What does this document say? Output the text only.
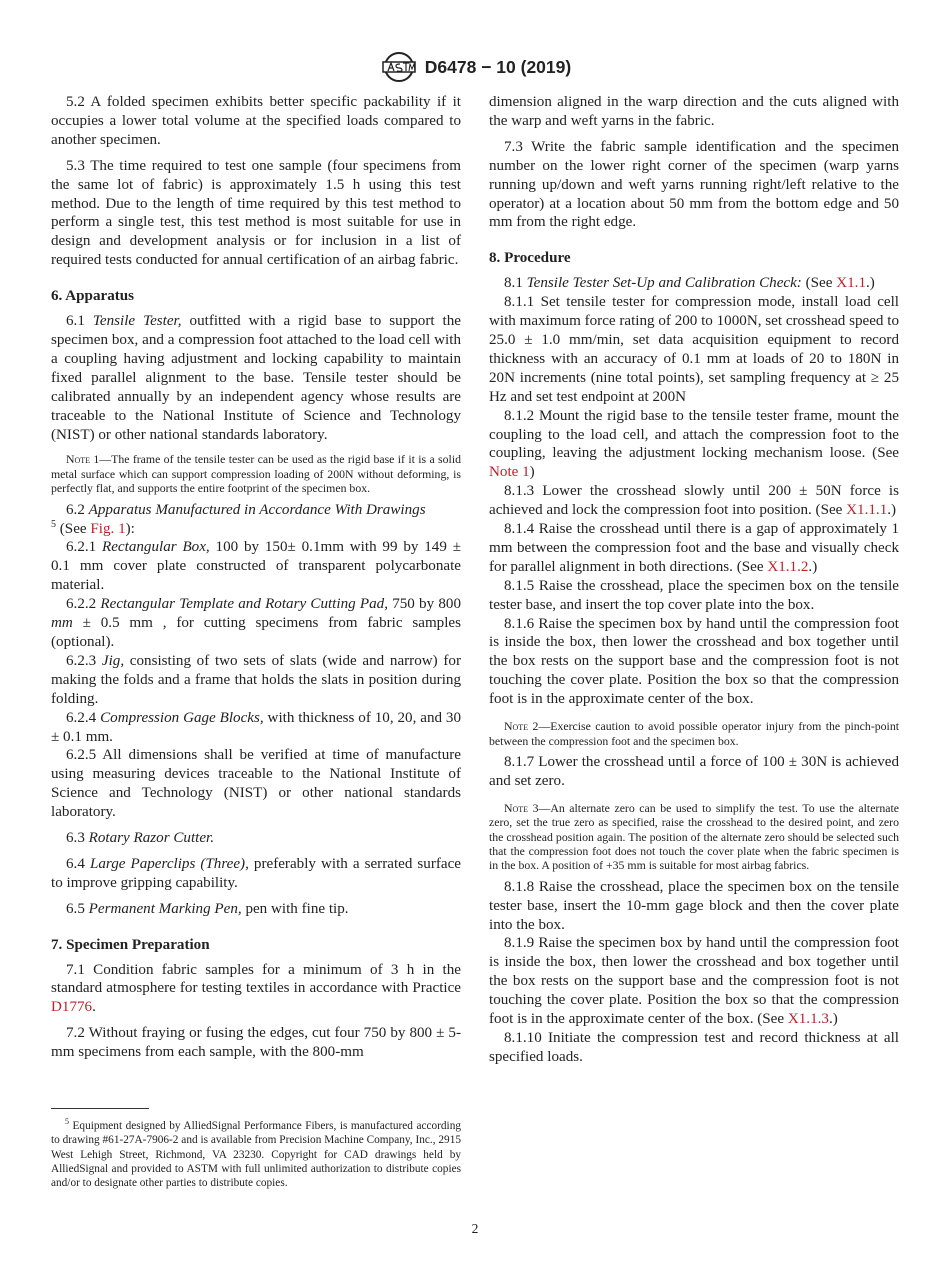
D6478 − 10 (2019)

5.2 A folded specimen exhibits better specific packability if it occupies a lower total volume at the specified loads compared to another specimen.

5.3 The time required to test one sample (four specimens from the same lot of fabric) is approximately 1.5 h using this test method. Due to the length of time required by this test method to perform a single test, this test method is most suitable for use in design and development analysis or for inclusion in a list of required tests conducted for annual certification of an airbag fabric.

6. Apparatus

6.1 Tensile Tester, outfitted with a rigid base to support the specimen box, and a compression foot attached to the load cell with a coupling having adjustment and locking capability to maintain fixed parallel alignment to the base. Tensile tester should be calibrated annually by an independent agency whose results are traceable to the National Institute of Science and Technology (NIST) or other national standards laboratory.

Note 1—The frame of the tensile tester can be used as the rigid base if it is a solid metal surface which can support compression loading of 200N without deforming, is perfectly flat, and supports the entire footprint of the specimen box.

6.2 Apparatus Manufactured in Accordance With Drawings
$^5$ (See Fig. 1):

6.2.1 Rectangular Box, 100 by 150± 0.1mm with 99 by 149 ± 0.1 mm cover plate constructed of transparent polycarbonate material.

6.2.2 Rectangular Template and Rotary Cutting Pad, 750 by 800 mm ± 0.5 mm , for cutting specimens from fabric samples (optional).

6.2.3 Jig, consisting of two sets of slats (wide and narrow) for making the folds and a frame that holds the slats in position during folding.

6.2.4 Compression Gage Blocks, with thickness of 10, 20, and 30 ± 0.1 mm.

6.2.5 All dimensions shall be verified at time of manufacture using measuring devices traceable to the National Institute of Science and Technology (NIST) or other national standards laboratory.

6.3 Rotary Razor Cutter.

6.4 Large Paperclips (Three), preferably with a serrated surface to improve gripping capability.

6.5 Permanent Marking Pen, pen with fine tip.

7. Specimen Preparation

7.1 Condition fabric samples for a minimum of 3 h in the standard atmosphere for testing textiles in accordance with Practice D1776.

7.2 Without fraying or fusing the edges, cut four 750 by 800 ± 5-mm specimens from each sample, with the 800-mm

dimension aligned in the warp direction and the cuts aligned with the warp and weft yarns in the fabric.

7.3 Write the fabric sample identification and the specimen number on the lower right corner of the specimen (warp yarns running up/down and weft yarns running right/left relative to the operator) at a location about 50 mm from the bottom edge and 50 mm from the right edge.

8. Procedure

8.1 Tensile Tester Set-Up and Calibration Check: (See X1.1.)

8.1.1 Set tensile tester for compression mode, install load cell with maximum force rating of 200 to 1000N, set crosshead speed to 25.0 ± 1.0 mm/min, set data acquisition equipment to record thickness with an accuracy of 0.1 mm at loads of 20 to 180N in 20N increments (nine total points), set sampling frequency at ≥ 25 Hz and set test endpoint at 200N

8.1.2 Mount the rigid base to the tensile tester frame, mount the coupling to the load cell, and attach the compression foot to the coupling, leaving the adjustment locking mechanism loose. (See Note 1)

8.1.3 Lower the crosshead slowly until 200 ± 50N force is achieved and lock the compression foot into position. (See X1.1.1.)

8.1.4 Raise the crosshead until there is a gap of approximately 1 mm between the compression foot and the base and visually check for parallel alignment in both directions. (See X1.1.2.)

8.1.5 Raise the crosshead, place the specimen box on the tensile tester base, and insert the top cover plate into the box.

8.1.6 Raise the specimen box by hand until the compression foot is inside the box, then lower the crosshead and box together until the box rests on the support base and the compression foot is not touching the cover plate. Position the box so that the compression foot is in the approximate center of the box.

Note 2—Exercise caution to avoid possible operator injury from the pinch-point between the compression foot and the specimen box.

8.1.7 Lower the crosshead until a force of 100 ± 30N is achieved and set zero.

Note 3—An alternate zero can be used to simplify the test. To use the alternate zero, set the true zero as specified, raise the crosshead to the desired point, and zero the crosshead position again. The position of the alternate zero should be selected such that the compression foot does not touch the cover plate when the fabric specimen is in the box. A position of +35 mm is suitable for most airbag fabrics.

8.1.8 Raise the crosshead, place the specimen box on the tensile tester base, insert the 10-mm gage block and then the cover plate into the box.

8.1.9 Raise the specimen box by hand until the compression foot is inside the box, then lower the crosshead and box together until the box rests on the support base and the compression foot is not touching the cover plate. Position the box so that the compression foot is in the approximate center of the box. (See X1.1.3.)

8.1.10 Initiate the compression test and record thickness at all specified loads.

$^5$ Equipment designed by AlliedSignal Performance Fibers, is manufactured according to drawing #61-27A-7906-2 and is available from Precision Machine Company, Inc., 2915 West Lehigh Street, Richmond, VA 23230. Copyright for CAD drawings held by AlliedSignal and provided to ASTM with full unlimited authorization to distribute copies and/or to designate other parties to distribute copies.
2
